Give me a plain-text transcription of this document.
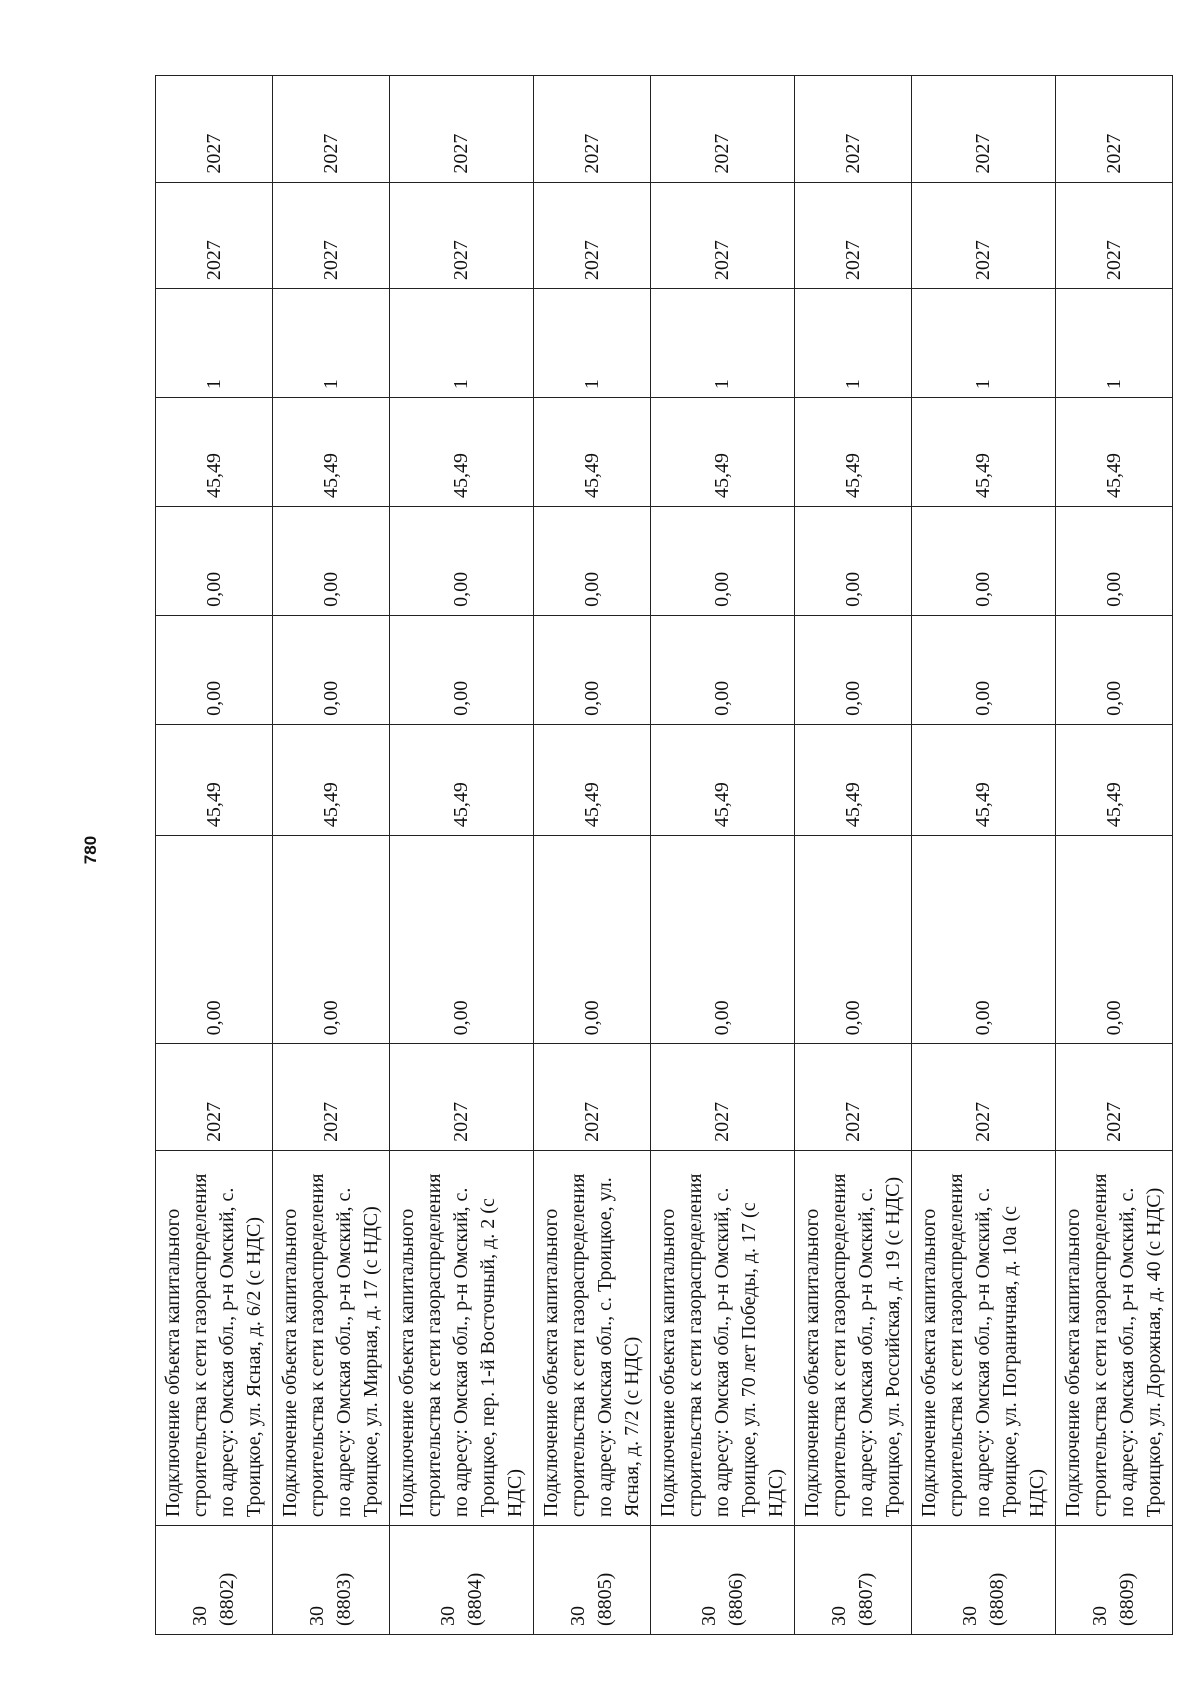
780
30 (8802)	Подключение объекта капитального строительства к сети газораспределения по адресу: Омская обл., р-н Омский, с. Троицкое, ул. Ясная, д. 6/2 (с НДС)	2027	0,00	45,49	0,00	0,00	45,49	1	2027	2027
30 (8803)	Подключение объекта капитального строительства к сети газораспределения по адресу: Омская обл., р-н Омский, с. Троицкое, ул. Мирная, д. 17 (с НДС)	2027	0,00	45,49	0,00	0,00	45,49	1	2027	2027
30 (8804)	Подключение объекта капитального строительства к сети газораспределения по адресу: Омская обл., р-н Омский, с. Троицкое, пер. 1-й Восточный, д. 2 (с НДС)	2027	0,00	45,49	0,00	0,00	45,49	1	2027	2027
30 (8805)	Подключение объекта капитального строительства к сети газораспределения по адресу: Омская обл., с. Троицкое, ул. Ясная, д. 7/2 (с НДС)	2027	0,00	45,49	0,00	0,00	45,49	1	2027	2027
30 (8806)	Подключение объекта капитального строительства к сети газораспределения по адресу: Омская обл., р-н Омский, с. Троицкое, ул. 70 лет Победы, д. 17 (с НДС)	2027	0,00	45,49	0,00	0,00	45,49	1	2027	2027
30 (8807)	Подключение объекта капитального строительства к сети газораспределения по адресу: Омская обл., р-н Омский, с. Троицкое, ул. Российская, д. 19 (с НДС)	2027	0,00	45,49	0,00	0,00	45,49	1	2027	2027
30 (8808)	Подключение объекта капитального строительства к сети газораспределения по адресу: Омская обл., р-н Омский, с. Троицкое, ул. Пограничная, д. 10а (с НДС)	2027	0,00	45,49	0,00	0,00	45,49	1	2027	2027
30 (8809)	Подключение объекта капитального строительства к сети газораспределения по адресу: Омская обл., р-н Омский, с. Троицкое, ул. Дорожная, д. 40 (с НДС)	2027	0,00	45,49	0,00	0,00	45,49	1	2027	2027
